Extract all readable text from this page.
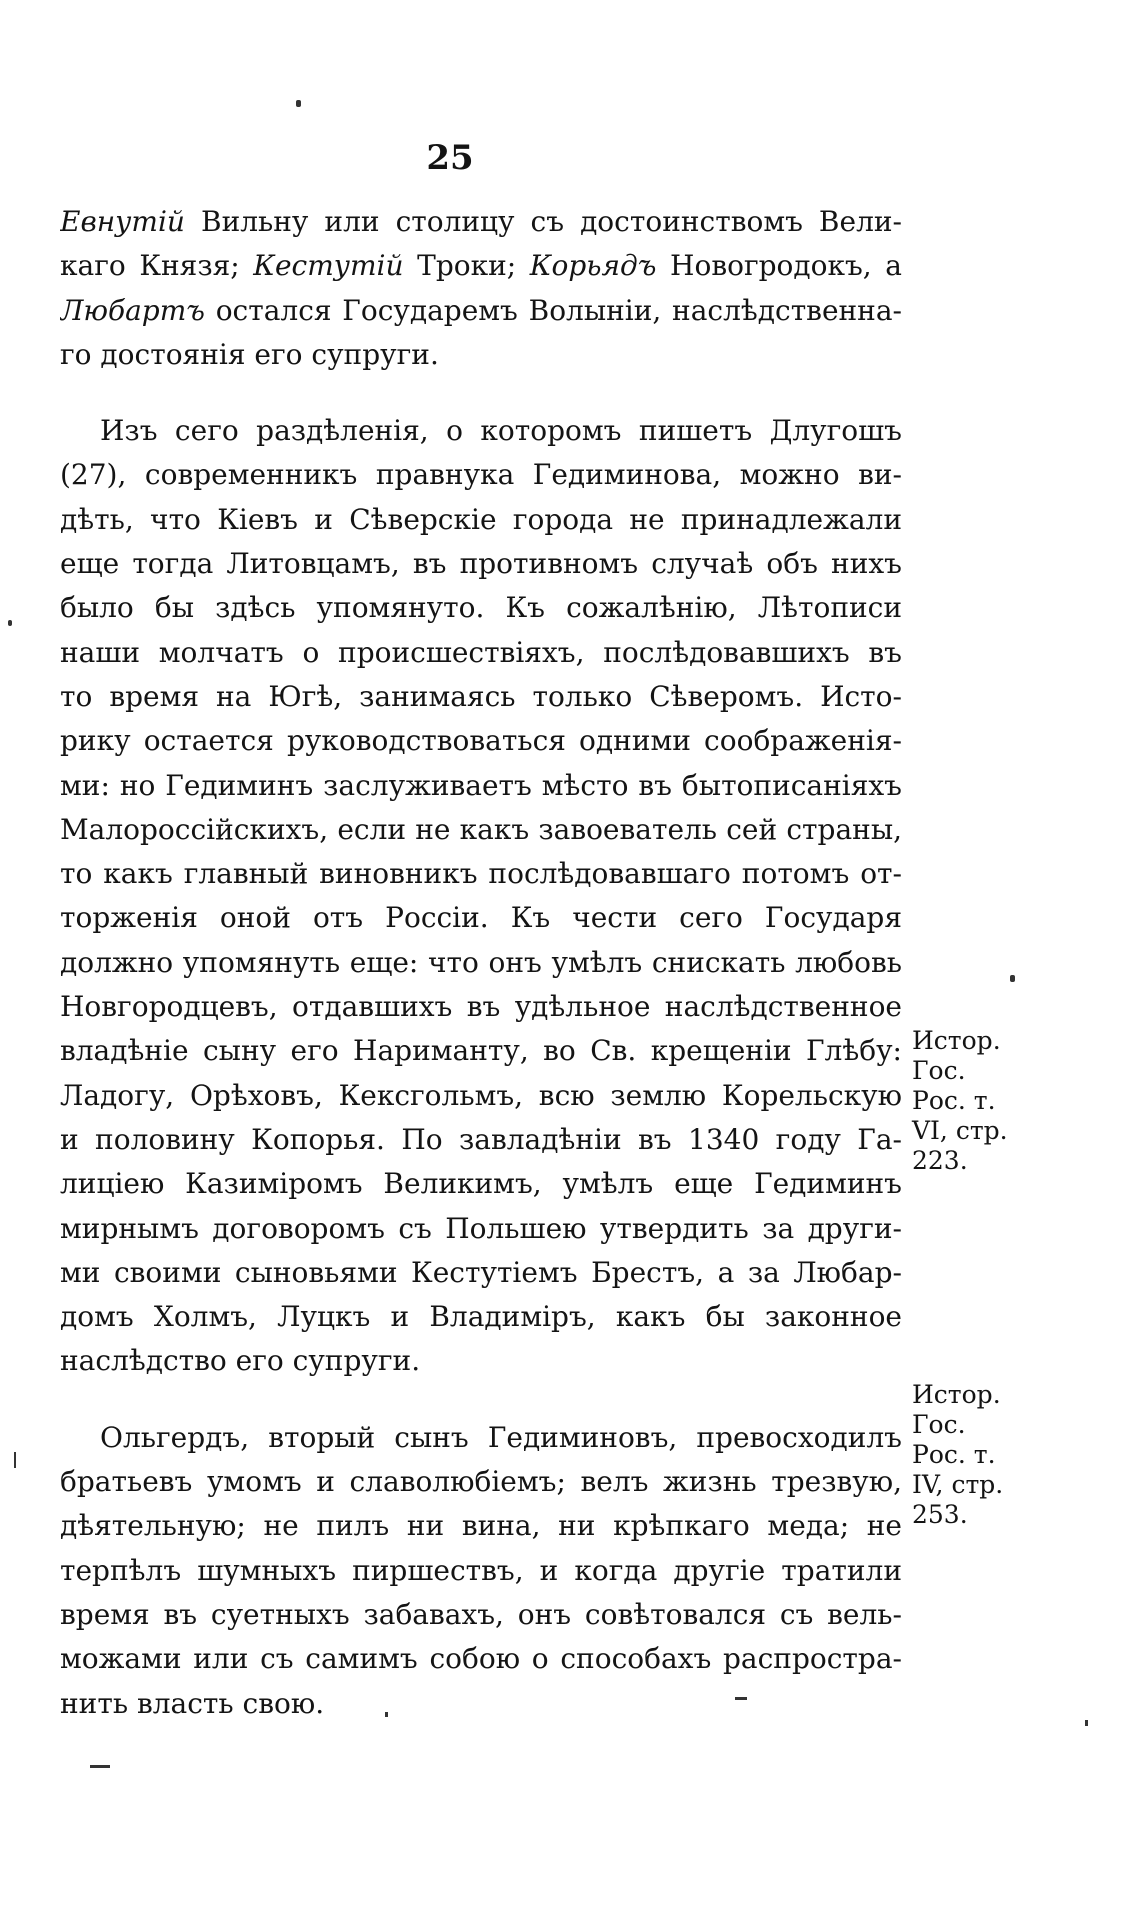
25

Евнутій Вильну или столицу съ достоинствомъ Вели-
каго Князя; Кестутій Троки; Корьядъ Новогродокъ, а
Любартъ остался Государемъ Волыніи, наслѣдственна-
го достоянія его супруги.

Изъ сего раздѣленія, о которомъ пишетъ Длугошъ
(27), современникъ правнука Гедиминова, можно ви-
дѣть, что Кіевъ и Сѣверскіе города не принадлежали
еще тогда Литовцамъ, въ противномъ случаѣ объ нихъ
было бы здѣсь упомянуто. Къ сожалѣнію, Лѣтописи
наши молчатъ о происшествіяхъ, послѣдовавшихъ въ
то время на Югѣ, занимаясь только Сѣверомъ. Исто-
рику остается руководствоваться одними соображенія-
ми: но Гедиминъ заслуживаетъ мѣсто въ бытописаніяхъ
Малороссійскихъ, если не какъ завоеватель сей страны,
то какъ главный виновникъ послѣдовавшаго потомъ от-
торженія оной отъ Россіи. Къ чести сего Государя
должно упомянуть еще: что онъ умѣлъ снискать любовь
Новгородцевъ, отдавшихъ въ удѣльное наслѣдственное
владѣніе сыну его Нариманту, во Св. крещеніи Глѣбу:
Ладогу, Орѣховъ, Кексгольмъ, всю землю Корельскую
и половину Копорья. По завладѣніи въ 1340 году Га-
лиціею Казиміромъ Великимъ, умѣлъ еще Гедиминъ
мирнымъ договоромъ съ Польшею утвердить за други-
ми своими сыновьями Кестутіемъ Брестъ, а за Любар-
домъ Холмъ, Луцкъ и Владиміръ, какъ бы законное
наслѣдство его супруги.

Ольгердъ, вторый сынъ Гедиминовъ, превосходилъ
братьевъ умомъ и славолюбіемъ; велъ жизнь трезвую,
дѣятельную; не пилъ ни вина, ни крѣпкаго меда; не
терпѣлъ шумныхъ пиршествъ, и когда другіе тратили
время въ суетныхъ забавахъ, онъ совѣтовался съ вель-
можами или съ самимъ собою о способахъ распростра-
нить власть свою.

Истор.
Гос.
Рос. т.
VI, стр.
223.
Истор.
Гос.
Рос. т.
IV, стр.
253.
